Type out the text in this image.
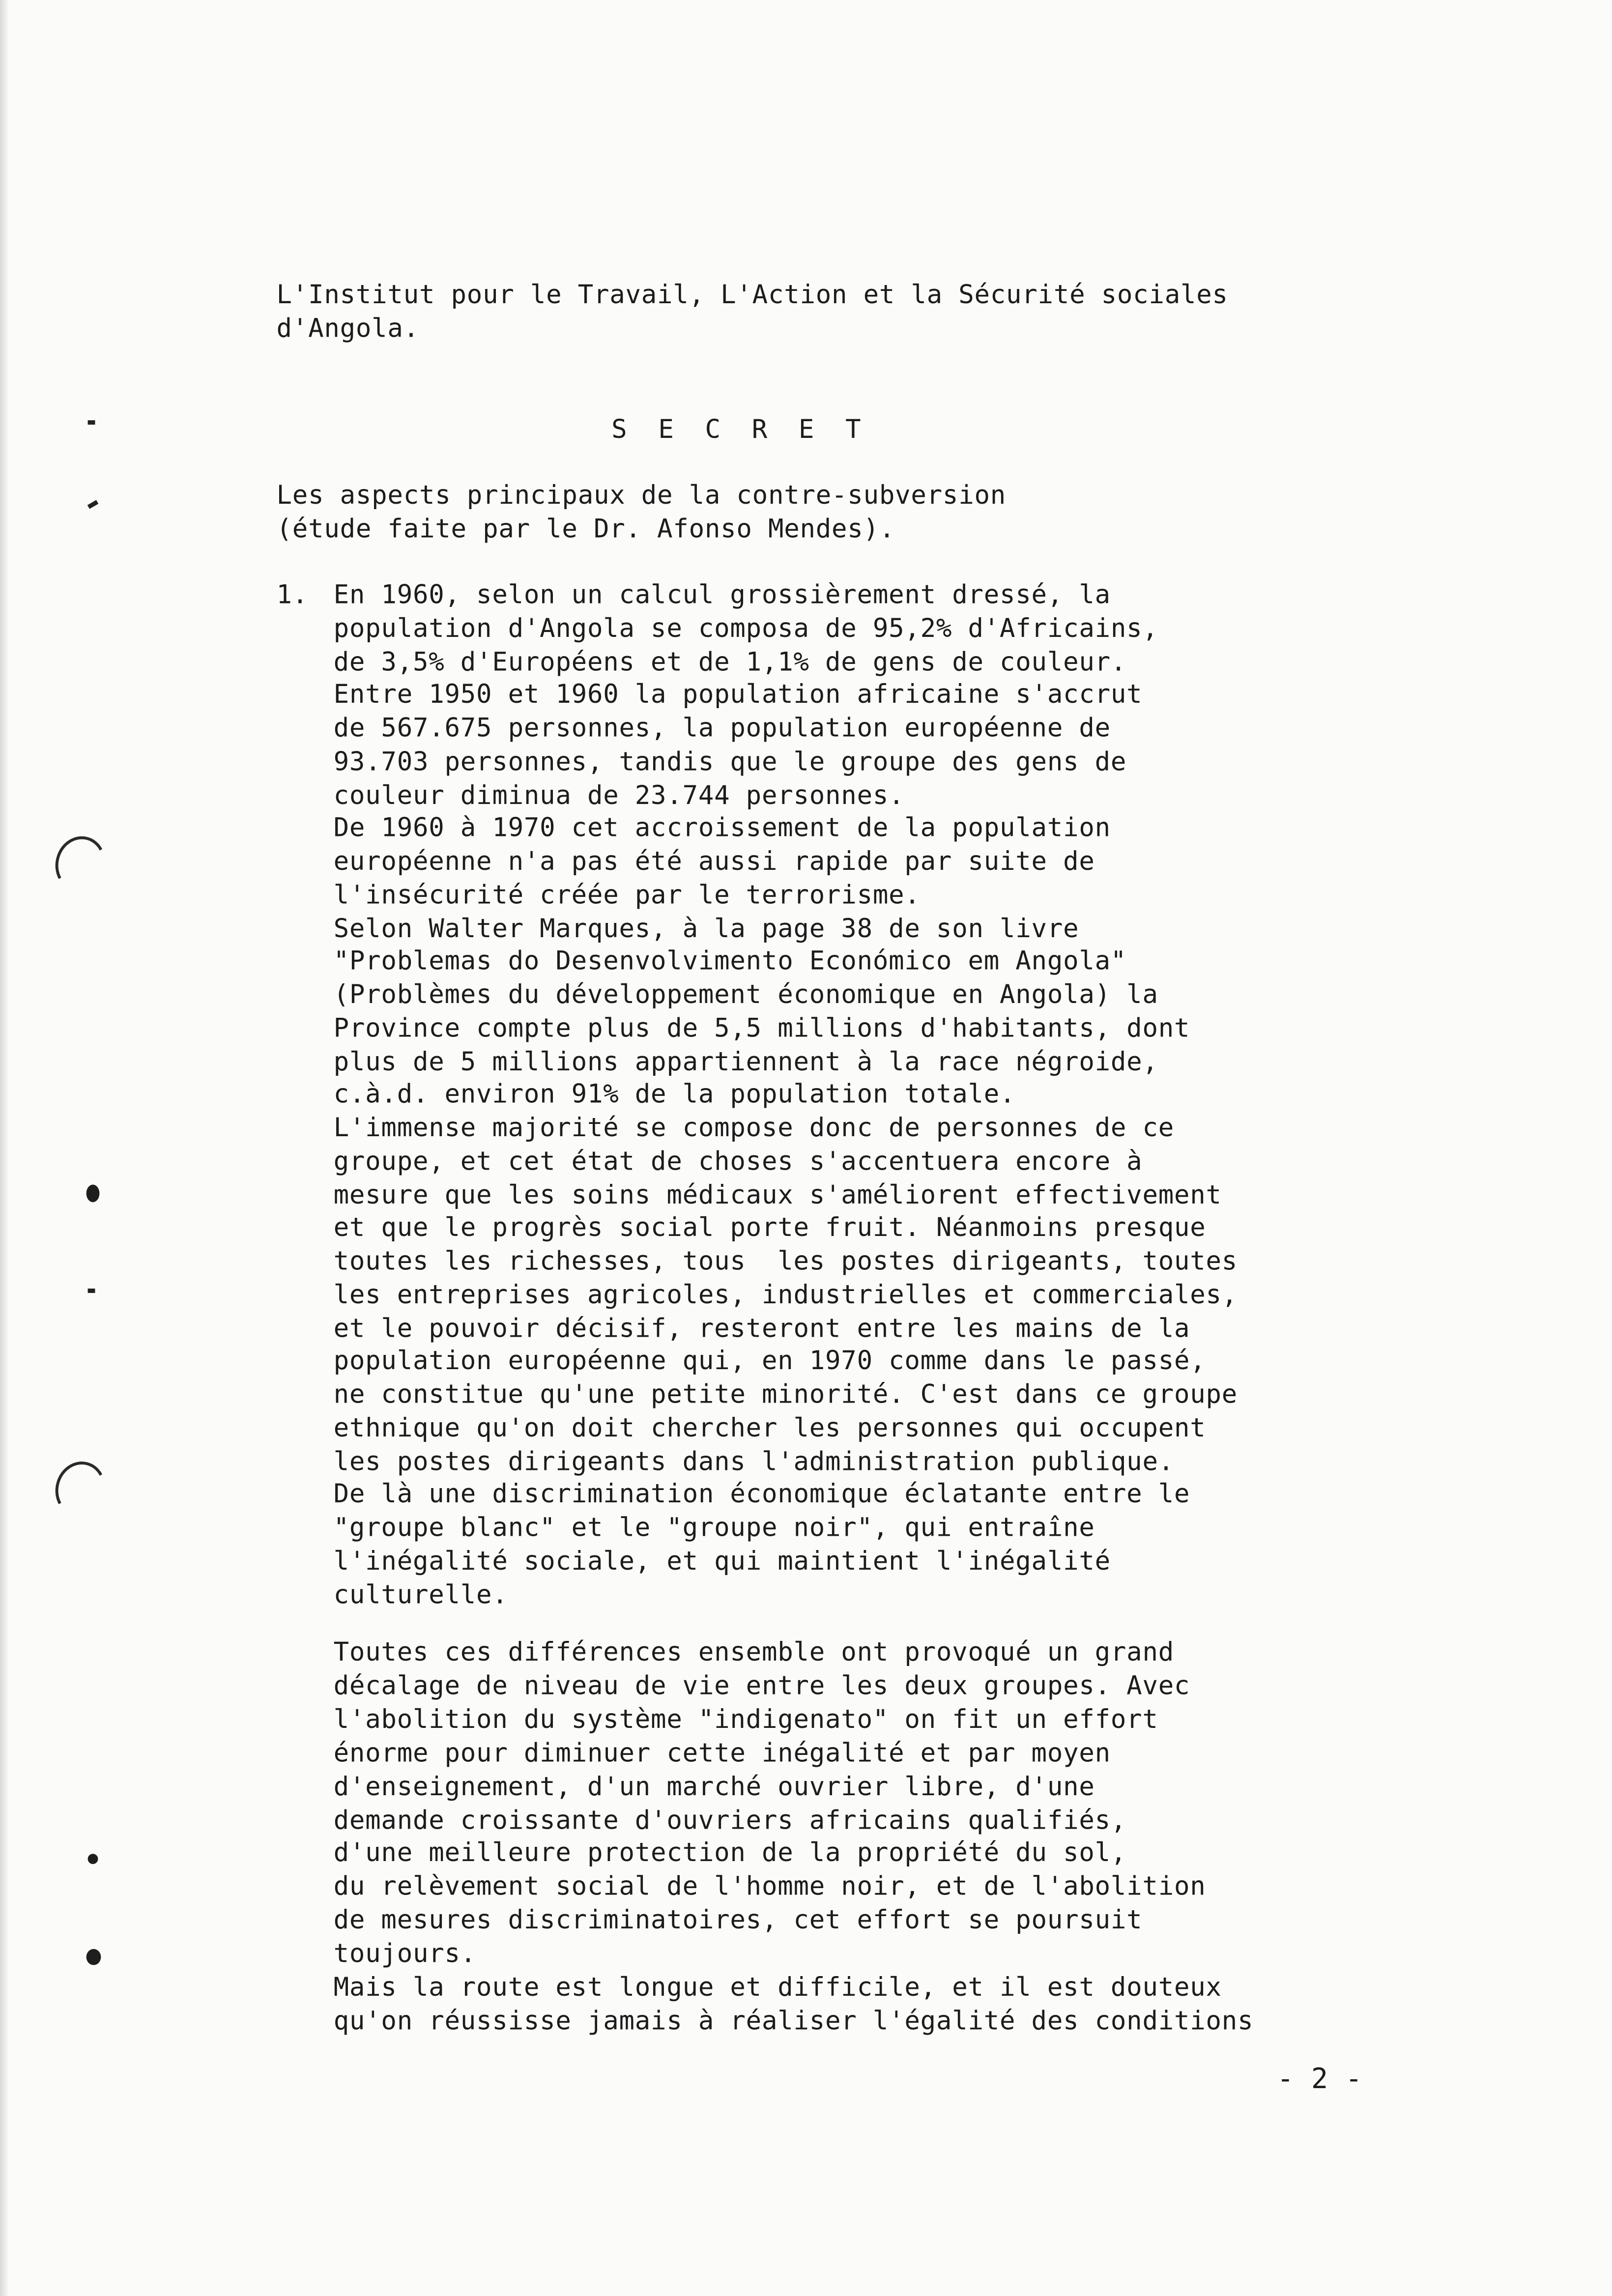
L'Institut pour le Travail, L'Action et la Sécurité sociales
d'Angola.
S E C R E T
Les aspects principaux de la contre-subversion
(étude faite par le Dr. Afonso Mendes).
1.	En 1960, selon un calcul grossièrement dressé, la
population d'Angola se composa de 95,2% d'Africains,
de 3,5% d'Européens et de 1,1% de gens de couleur.
Entre 1950 et 1960 la population africaine s'accrut
de 567.675 personnes, la population européenne de
93.703 personnes, tandis que le groupe des gens de
couleur diminua de 23.744 personnes.
De 1960 à 1970 cet accroissement de la population
européenne n'a pas été aussi rapide par suite de
l'insécurité créée par le terrorisme.
Selon Walter Marques, à la page 38 de son livre
"Problemas do Desenvolvimento Económico em Angola"
(Problèmes du développement économique en Angola) la
Province compte plus de 5,5 millions d'habitants, dont
plus de 5 millions appartiennent à la race négroide,
c.à.d. environ 91% de la population totale.
L'immense majorité se compose donc de personnes de ce
groupe, et cet état de choses s'accentuera encore à
mesure que les soins médicaux s'améliorent effectivement
et que le progrès social porte fruit. Néanmoins presque
toutes les richesses, tous  les postes dirigeants, toutes
les entreprises agricoles, industrielles et commerciales,
et le pouvoir décisif, resteront entre les mains de la
population européenne qui, en 1970 comme dans le passé,
ne constitue qu'une petite minorité. C'est dans ce groupe
ethnique qu'on doit chercher les personnes qui occupent
les postes dirigeants dans l'administration publique.
De là une discrimination économique éclatante entre le
"groupe blanc" et le "groupe noir", qui entraîne
l'inégalité sociale, et qui maintient l'inégalité
culturelle.
Toutes ces différences ensemble ont provoqué un grand
décalage de niveau de vie entre les deux groupes. Avec
l'abolition du système "indigenato" on fit un effort
énorme pour diminuer cette inégalité et par moyen
d'enseignement, d'un marché ouvrier libre, d'une
demande croissante d'ouvriers africains qualifiés,
d'une meilleure protection de la propriété du sol,
du relèvement social de l'homme noir, et de l'abolition
de mesures discriminatoires, cet effort se poursuit
toujours.
Mais la route est longue et difficile, et il est douteux
qu'on réussisse jamais à réaliser l'égalité des conditions
- 2 -
